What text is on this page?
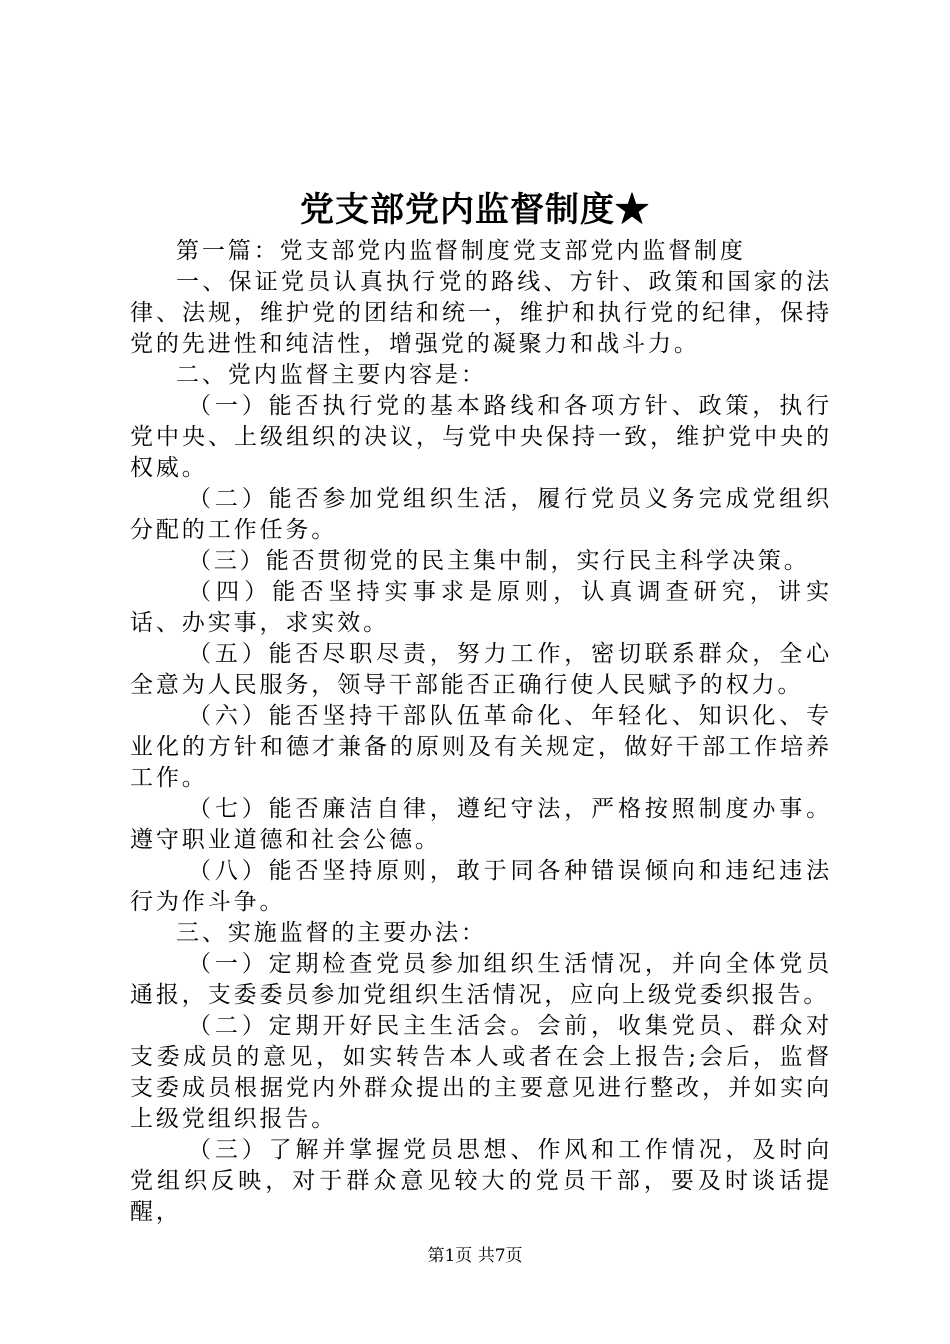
党支部党内监督制度★

第一篇：党支部党内监督制度党支部党内监督制度

一、保证党员认真执行党的路线、方针、政策和国家的法律、法规，维护党的团结和统一，维护和执行党的纪律，保持党的先进性和纯洁性，增强党的凝聚力和战斗力。

二、党内监督主要内容是：

（一）能否执行党的基本路线和各项方针、政策，执行党中央、上级组织的决议，与党中央保持一致，维护党中央的权威。

（二）能否参加党组织生活，履行党员义务完成党组织分配的工作任务。

（三）能否贯彻党的民主集中制，实行民主科学决策。

（四）能否坚持实事求是原则，认真调查研究，讲实话、办实事，求实效。

（五）能否尽职尽责，努力工作，密切联系群众，全心全意为人民服务，领导干部能否正确行使人民赋予的权力。

（六）能否坚持干部队伍革命化、年轻化、知识化、专业化的方针和德才兼备的原则及有关规定，做好干部工作培养工作。

（七）能否廉洁自律，遵纪守法，严格按照制度办事。遵守职业道德和社会公德。

（八）能否坚持原则，敢于同各种错误倾向和违纪违法行为作斗争。

三、实施监督的主要办法：

（一）定期检查党员参加组织生活情况，并向全体党员通报，支委委员参加党组织生活情况，应向上级党委织报告。

（二）定期开好民主生活会。会前，收集党员、群众对支委成员的意见，如实转告本人或者在会上报告;会后，监督支委成员根据党内外群众提出的主要意见进行整改，并如实向上级党组织报告。

（三）了解并掌握党员思想、作风和工作情况，及时向党组织反映，对于群众意见较大的党员干部，要及时谈话提醒，

第1页 共7页
